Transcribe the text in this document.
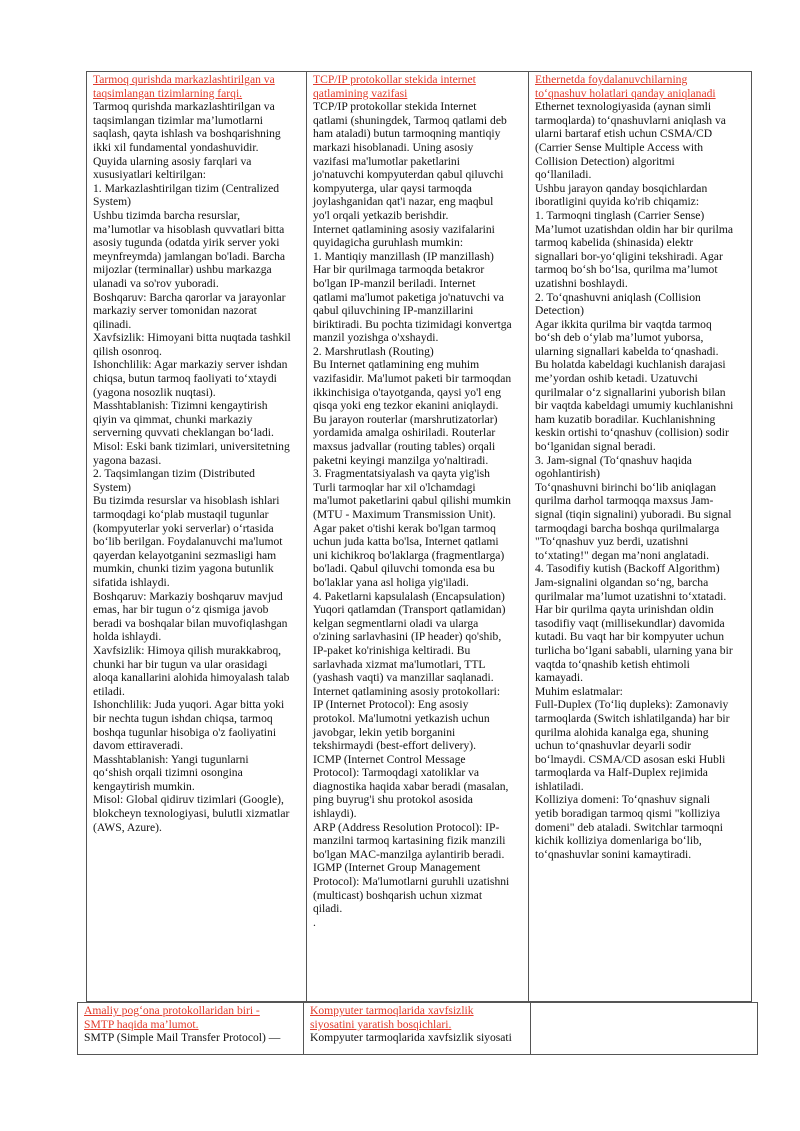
Tarmoq qurishda markazlashtirilgan va
taqsimlangan tizimlarning farqi.
Tarmoq qurishda markazlashtirilgan va
taqsimlangan tizimlar ma’lumotlarni
saqlash, qayta ishlash va boshqarishning
ikki xil fundamental yondashuvidir.
Quyida ularning asosiy farqlari va
xususiyatlari keltirilgan:
1. Markazlashtirilgan tizim (Centralized
System)
Ushbu tizimda barcha resurslar,
ma’lumotlar va hisoblash quvvatlari bitta
asosiy tugunda (odatda yirik server yoki
meynfreymda) jamlangan bo'ladi. Barcha
mijozlar (terminallar) ushbu markazga
ulanadi va so'rov yuboradi.
Boshqaruv: Barcha qarorlar va jarayonlar
markaziy server tomonidan nazorat
qilinadi.
Xavfsizlik: Himoyani bitta nuqtada tashkil
qilish osonroq.
Ishonchlilik: Agar markaziy server ishdan
chiqsa, butun tarmoq faoliyati to‘xtaydi
(yagona nosozlik nuqtasi).
Masshtablanish: Tizimni kengaytirish
qiyin va qimmat, chunki markaziy
serverning quvvati cheklangan bo‘ladi.
Misol: Eski bank tizimlari, universitetning
yagona bazasi.
2. Taqsimlangan tizim (Distributed
System)
Bu tizimda resurslar va hisoblash ishlari
tarmoqdagi ko‘plab mustaqil tugunlar
(kompyuterlar yoki serverlar) o‘rtasida
bo‘lib berilgan. Foydalanuvchi ma'lumot
qayerdan kelayotganini sezmasligi ham
mumkin, chunki tizim yagona butunlik
sifatida ishlaydi.
Boshqaruv: Markaziy boshqaruv mavjud
emas, har bir tugun o‘z qismiga javob
beradi va boshqalar bilan muvofiqlashgan
holda ishlaydi.
Xavfsizlik: Himoya qilish murakkabroq,
chunki har bir tugun va ular orasidagi
aloqa kanallarini alohida himoyalash talab
etiladi.
Ishonchlilik: Juda yuqori. Agar bitta yoki
bir nechta tugun ishdan chiqsa, tarmoq
boshqa tugunlar hisobiga o'z faoliyatini
davom ettiraveradi.
Masshtablanish: Yangi tugunlarni
qo‘shish orqali tizimni osongina
kengaytirish mumkin.
Misol: Global qidiruv tizimlari (Google),
blokcheyn texnologiyasi, bulutli xizmatlar
(AWS, Azure).
TCP/IP protokollar stekida internet
qatlamining vazifasi
TCP/IP protokollar stekida Internet
qatlami (shuningdek, Tarmoq qatlami deb
ham ataladi) butun tarmoqning mantiqiy
markazi hisoblanadi. Uning asosiy
vazifasi ma'lumotlar paketlarini
jo'natuvchi kompyuterdan qabul qiluvchi
kompyuterga, ular qaysi tarmoqda
joylashganidan qat'i nazar, eng maqbul
yo'l orqali yetkazib berishdir.
Internet qatlamining asosiy vazifalarini
quyidagicha guruhlash mumkin:
1. Mantiqiy manzillash (IP manzillash)
Har bir qurilmaga tarmoqda betakror
bo'lgan IP-manzil beriladi. Internet
qatlami ma'lumot paketiga jo'natuvchi va
qabul qiluvchining IP-manzillarini
biriktiradi. Bu pochta tizimidagi konvertga
manzil yozishga o'xshaydi.
2. Marshrutlash (Routing)
Bu Internet qatlamining eng muhim
vazifasidir. Ma'lumot paketi bir tarmoqdan
ikkinchisiga o'tayotganda, qaysi yo'l eng
qisqa yoki eng tezkor ekanini aniqlaydi.
Bu jarayon routerlar (marshrutizatorlar)
yordamida amalga oshiriladi. Routerlar
maxsus jadvallar (routing tables) orqali
paketni keyingi manzilga yo'naltiradi.
3. Fragmentatsiyalash va qayta yig'ish
Turli tarmoqlar har xil o'lchamdagi
ma'lumot paketlarini qabul qilishi mumkin
(MTU - Maximum Transmission Unit).
Agar paket o'tishi kerak bo'lgan tarmoq
uchun juda katta bo'lsa, Internet qatlami
uni kichikroq bo'laklarga (fragmentlarga)
bo'ladi. Qabul qiluvchi tomonda esa bu
bo'laklar yana asl holiga yig'iladi.
4. Paketlarni kapsulalash (Encapsulation)
Yuqori qatlamdan (Transport qatlamidan)
kelgan segmentlarni oladi va ularga
o'zining sarlavhasini (IP header) qo'shib,
IP-paket ko'rinishiga keltiradi. Bu
sarlavhada xizmat ma'lumotlari, TTL
(yashash vaqti) va manzillar saqlanadi.
Internet qatlamining asosiy protokollari:
IP (Internet Protocol): Eng asosiy
protokol. Ma'lumotni yetkazish uchun
javobgar, lekin yetib borganini
tekshirmaydi (best-effort delivery).
ICMP (Internet Control Message
Protocol): Tarmoqdagi xatoliklar va
diagnostika haqida xabar beradi (masalan,
ping buyrug'i shu protokol asosida
ishlaydi).
ARP (Address Resolution Protocol): IP-
manzilni tarmoq kartasining fizik manzili
bo'lgan MAC-manzilga aylantirib beradi.
IGMP (Internet Group Management
Protocol): Ma'lumotlarni guruhli uzatishni
(multicast) boshqarish uchun xizmat
qiladi.
.
Ethernetda foydalanuvchilarning
to‘qnashuv holatlari qanday aniqlanadi
Ethernet texnologiyasida (aynan simli
tarmoqlarda) to‘qnashuvlarni aniqlash va
ularni bartaraf etish uchun CSMA/CD
(Carrier Sense Multiple Access with
Collision Detection) algoritmi
qo‘llaniladi.
Ushbu jarayon qanday bosqichlardan
iboratligini quyida ko'rib chiqamiz:
1. Tarmoqni tinglash (Carrier Sense)
Ma’lumot uzatishdan oldin har bir qurilma
tarmoq kabelida (shinasida) elektr
signallari bor-yo‘qligini tekshiradi. Agar
tarmoq bo‘sh bo‘lsa, qurilma ma’lumot
uzatishni boshlaydi.
2. To‘qnashuvni aniqlash (Collision
Detection)
Agar ikkita qurilma bir vaqtda tarmoq
bo‘sh deb o‘ylab ma’lumot yuborsa,
ularning signallari kabelda to‘qnashadi.
Bu holatda kabeldagi kuchlanish darajasi
me’yordan oshib ketadi. Uzatuvchi
qurilmalar o‘z signallarini yuborish bilan
bir vaqtda kabeldagi umumiy kuchlanishni
ham kuzatib boradilar. Kuchlanishning
keskin ortishi to‘qnashuv (collision) sodir
bo‘lganidan signal beradi.
3. Jam-signal (To‘qnashuv haqida
ogohlantirish)
To‘qnashuvni birinchi bo‘lib aniqlagan
qurilma darhol tarmoqqa maxsus Jam-
signal (tiqin signalini) yuboradi. Bu signal
tarmoqdagi barcha boshqa qurilmalarga
"To‘qnashuv yuz berdi, uzatishni
to‘xtating!" degan ma’noni anglatadi.
4. Tasodifiy kutish (Backoff Algorithm)
Jam-signalini olgandan so‘ng, barcha
qurilmalar ma’lumot uzatishni to‘xtatadi.
Har bir qurilma qayta urinishdan oldin
tasodifiy vaqt (millisekundlar) davomida
kutadi. Bu vaqt har bir kompyuter uchun
turlicha bo‘lgani sababli, ularning yana bir
vaqtda to‘qnashib ketish ehtimoli
kamayadi.
Muhim eslatmalar:
Full-Duplex (To‘liq dupleks): Zamonaviy
tarmoqlarda (Switch ishlatilganda) har bir
qurilma alohida kanalga ega, shuning
uchun to‘qnashuvlar deyarli sodir
bo‘lmaydi. CSMA/CD asosan eski Hubli
tarmoqlarda va Half-Duplex rejimida
ishlatiladi.
Kolliziya domeni: To‘qnashuv signali
yetib boradigan tarmoq qismi "kolliziya
domeni" deb ataladi. Switchlar tarmoqni
kichik kolliziya domenlariga bo‘lib,
to‘qnashuvlar sonini kamaytiradi.
Amaliy pog‘ona protokollaridan biri -
SMTP haqida ma’lumot.
SMTP (Simple Mail Transfer Protocol) —
Kompyuter tarmoqlarida xavfsizlik
siyosatini yaratish bosqichlari.
Kompyuter tarmoqlarida xavfsizlik siyosati
